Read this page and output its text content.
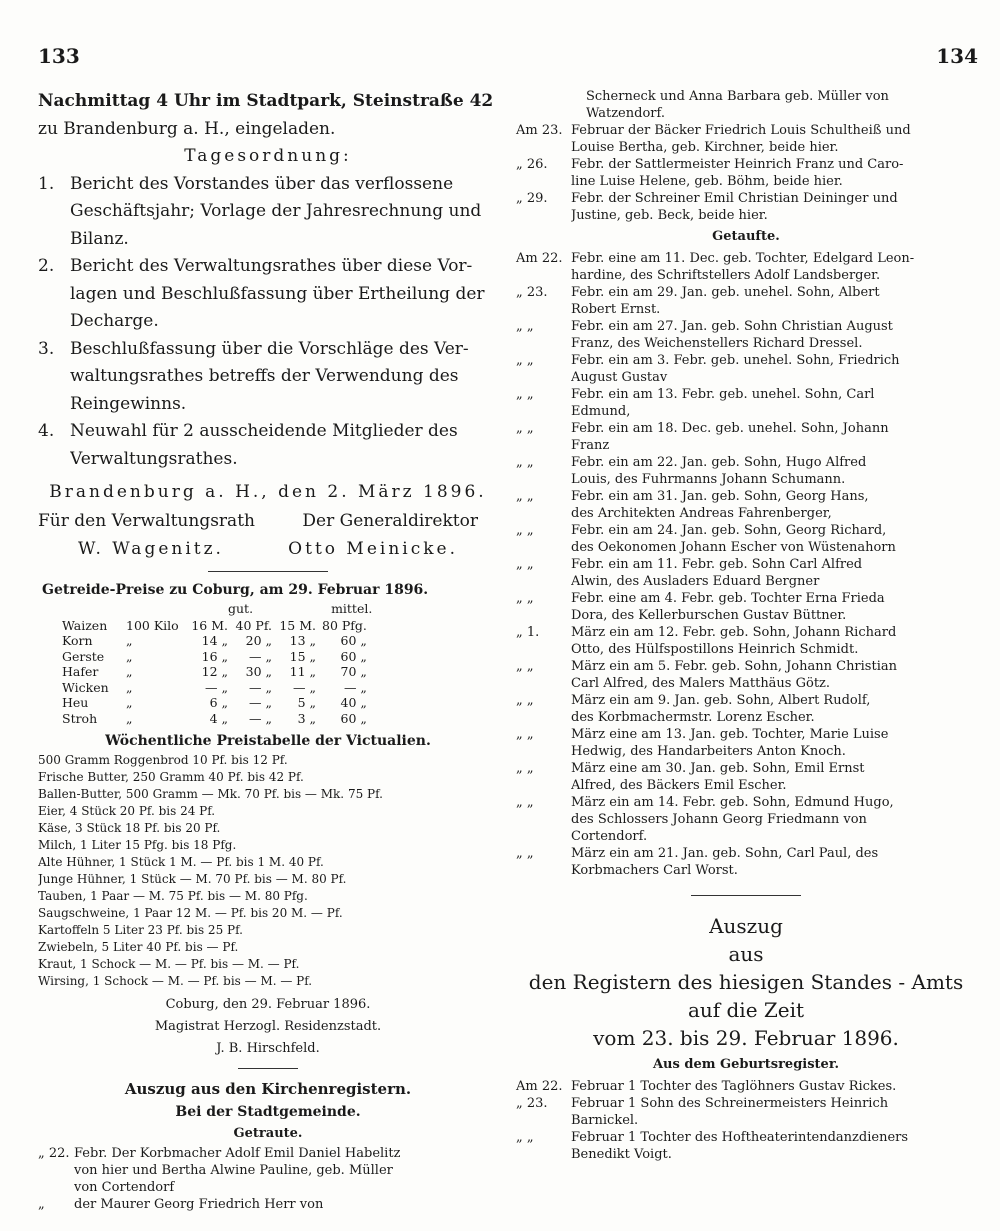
133	134

Nachmittag 4 Uhr im Stadtpark, Steinstraße 42

zu Brandenburg a. H., eingeladen.

Tagesordnung:

1. Bericht des Vorstandes über das verflossene
Geschäftsjahr; Vorlage der Jahresrechnung und
Bilanz.
2. Bericht des Verwaltungsrathes über diese Vor-
lagen und Beschlußfassung über Ertheilung der
Decharge.
3. Beschlußfassung über die Vorschläge des Ver-
waltungsrathes betreffs der Verwendung des
Reingewinns.
4. Neuwahl für 2 ausscheidende Mitglieder des
Verwaltungsrathes.

Brandenburg a. H., den 2. März 1896.

Für den Verwaltungsrath	Der Generaldirektor
W. Wagenitz.	Otto Meinicke.

Getreide-Preise zu Coburg, am 29. Februar 1896.

gut.	mittel.
Waizen	100 Kilo	16 M.	40 Pf.	15 M.	80 Pfg.
Korn	„	14 „	20 „	13 „	60 „
Gerste	„	16 „	— „	15 „	60 „
Hafer	„	12 „	30 „	11 „	70 „
Wicken	„	— „	— „	— „	— „
Heu	„	6 „	— „	5 „	40 „
Stroh	„	4 „	— „	3 „	60 „

Wöchentliche Preistabelle der Victualien.

500 Gramm Roggenbrod 10 Pf. bis 12 Pf.
Frische Butter, 250 Gramm 40 Pf. bis 42 Pf.
Ballen-Butter, 500 Gramm — Mk. 70 Pf. bis — Mk. 75 Pf.
Eier, 4 Stück 20 Pf. bis 24 Pf.
Käse, 3 Stück 18 Pf. bis 20 Pf.
Milch, 1 Liter 15 Pfg. bis 18 Pfg.
Alte Hühner, 1 Stück 1 M. — Pf. bis 1 M. 40 Pf.
Junge Hühner, 1 Stück — M. 70 Pf. bis — M. 80 Pf.
Tauben, 1 Paar — M. 75 Pf. bis — M. 80 Pfg.
Saugschweine, 1 Paar 12 M. — Pf. bis 20 M. — Pf.
Kartoffeln 5 Liter 23 Pf. bis 25 Pf.
Zwiebeln, 5 Liter 40 Pf. bis — Pf.
Kraut, 1 Schock — M. — Pf. bis — M. — Pf.
Wirsing, 1 Schock — M. — Pf. bis — M. — Pf.

Coburg, den 29. Februar 1896.

Magistrat Herzogl. Residenzstadt.

J. B. Hirschfeld.

Auszug aus den Kirchenregistern.

Bei der Stadtgemeinde.

Getraute.

„ 22. Febr. Der Korbmacher Adolf Emil Daniel Habelitz
von hier und Bertha Alwine Pauline, geb. Müller
von Cortendorf
„	der Maurer Georg Friedrich Herr von

Scherneck und Anna Barbara geb. Müller von

Watzendorf.

Am 23. Februar der Bäcker Friedrich Louis Schultheiß und
Louise Bertha, geb. Kirchner, beide hier.
„ 26.	Febr. der Sattlermeister Heinrich Franz und Caro-
line Luise Helene, geb. Böhm, beide hier.
„ 29.	Febr. der Schreiner Emil Christian Deininger und
Justine, geb. Beck, beide hier.

Getaufte.

Am 22. Febr. eine am 11. Dec. geb. Tochter, Edelgard Leon-
hardine, des Schriftstellers Adolf Landsberger.
„ 23.	Febr. ein am 29. Jan. geb. unehel. Sohn, Albert
Robert Ernst.
„ „	Febr. ein am 27. Jan. geb. Sohn Christian August
Franz, des Weichenstellers Richard Dressel.
„ „	Febr. ein am 3. Febr. geb. unehel. Sohn, Friedrich
August Gustav
„ „	Febr. ein am 13. Febr. geb. unehel. Sohn, Carl
Edmund,
„ „	Febr. ein am 18. Dec. geb. unehel. Sohn, Johann
Franz
„ „	Febr. ein am 22. Jan. geb. Sohn, Hugo Alfred
Louis, des Fuhrmanns Johann Schumann.
„ „	Febr. ein am 31. Jan. geb. Sohn, Georg Hans,
des Architekten Andreas Fahrenberger,
„ „	Febr. ein am 24. Jan. geb. Sohn, Georg Richard,
des Oekonomen Johann Escher von Wüstenahorn
„ „	Febr. ein am 11. Febr. geb. Sohn Carl Alfred
Alwin, des Ausladers Eduard Bergner
„ „	Febr. eine am 4. Febr. geb. Tochter Erna Frieda
Dora, des Kellerburschen Gustav Büttner.
„ 1.	März ein am 12. Febr. geb. Sohn, Johann Richard
Otto, des Hülfspostillons Heinrich Schmidt.
„ „	März ein am 5. Febr. geb. Sohn, Johann Christian
Carl Alfred, des Malers Matthäus Götz.
„ „	März ein am 9. Jan. geb. Sohn, Albert Rudolf,
des Korbmachermstr. Lorenz Escher.
„ „	März eine am 13. Jan. geb. Tochter, Marie Luise
Hedwig, des Handarbeiters Anton Knoch.
„ „	März eine am 30. Jan. geb. Sohn, Emil Ernst
Alfred, des Bäckers Emil Escher.
„ „	März ein am 14. Febr. geb. Sohn, Edmund Hugo,
des Schlossers Johann Georg Friedmann von
Cortendorf.
„ „	März ein am 21. Jan. geb. Sohn, Carl Paul, des
Korbmachers Carl Worst.

Auszug

aus

den Registern des hiesigen Standes - Amts

auf die Zeit

vom 23. bis 29. Februar 1896.

Aus dem Geburtsregister.

Am 22. Februar 1 Tochter des Taglöhners Gustav Rickes.
„ 23.	Februar 1 Sohn des Schreinermeisters Heinrich
Barnickel.
„ „	Februar 1 Tochter des Hoftheaterintendanzdieners
Benedikt Voigt.
